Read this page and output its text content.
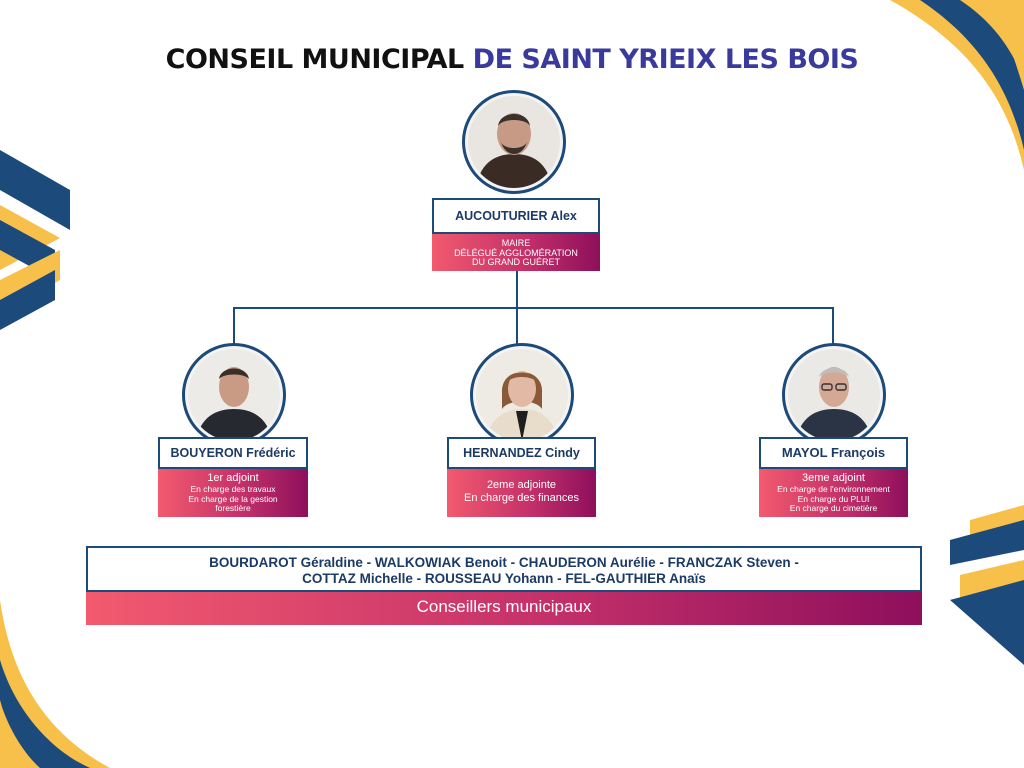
CONSEIL MUNICIPAL DE SAINT YRIEIX LES BOIS
AUCOUTURIER Alex
MAIRE
DÉLÉGUÉ AGGLOMÉRATION
DU GRAND GUÉRET
BOUYERON Frédéric
1er adjoint
En charge des travaux
En charge de la gestion
forestière
HERNANDEZ Cindy
2eme adjointe
En charge des finances
MAYOL François
3eme adjoint
En charge de l'environnement
En charge du PLUI
En charge du cimetière
BOURDAROT Géraldine - WALKOWIAK Benoit - CHAUDERON Aurélie - FRANCZAK Steven -
COTTAZ Michelle - ROUSSEAU Yohann - FEL-GAUTHIER Anaïs
Conseillers municipaux
